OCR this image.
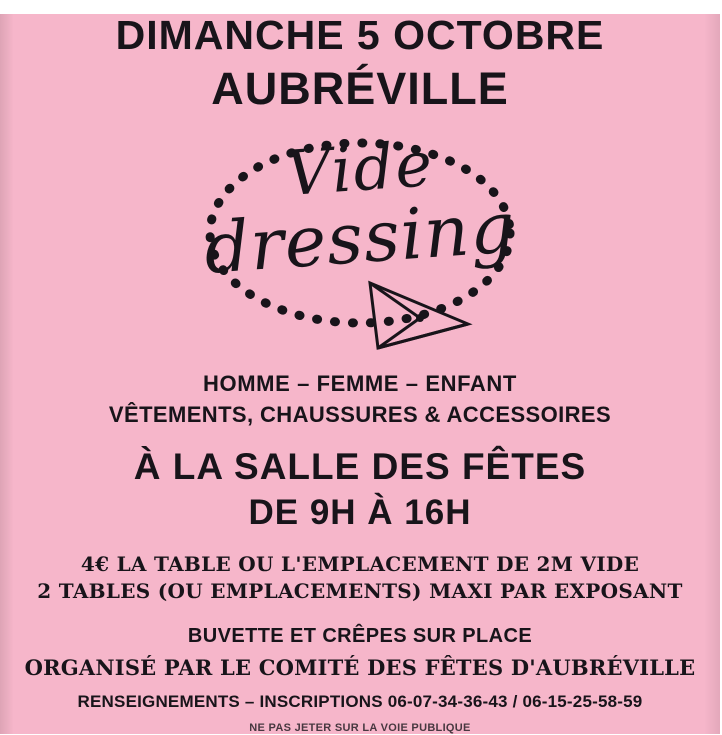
DIMANCHE 5 OCTOBRE
AUBRÉVILLE
Vide
dressing
HOMME – FEMME – ENFANT
VÊTEMENTS, CHAUSSURES & ACCESSOIRES
À LA SALLE DES FÊTES
DE 9H À 16H
4€ LA TABLE OU L'EMPLACEMENT DE 2M VIDE
2 TABLES (OU EMPLACEMENTS) MAXI PAR EXPOSANT
BUVETTE ET CRÊPES SUR PLACE
ORGANISÉ PAR LE COMITÉ DES FÊTES D'AUBRÉVILLE
RENSEIGNEMENTS – INSCRIPTIONS 06-07-34-36-43 / 06-15-25-58-59
NE PAS JETER SUR LA VOIE PUBLIQUE
